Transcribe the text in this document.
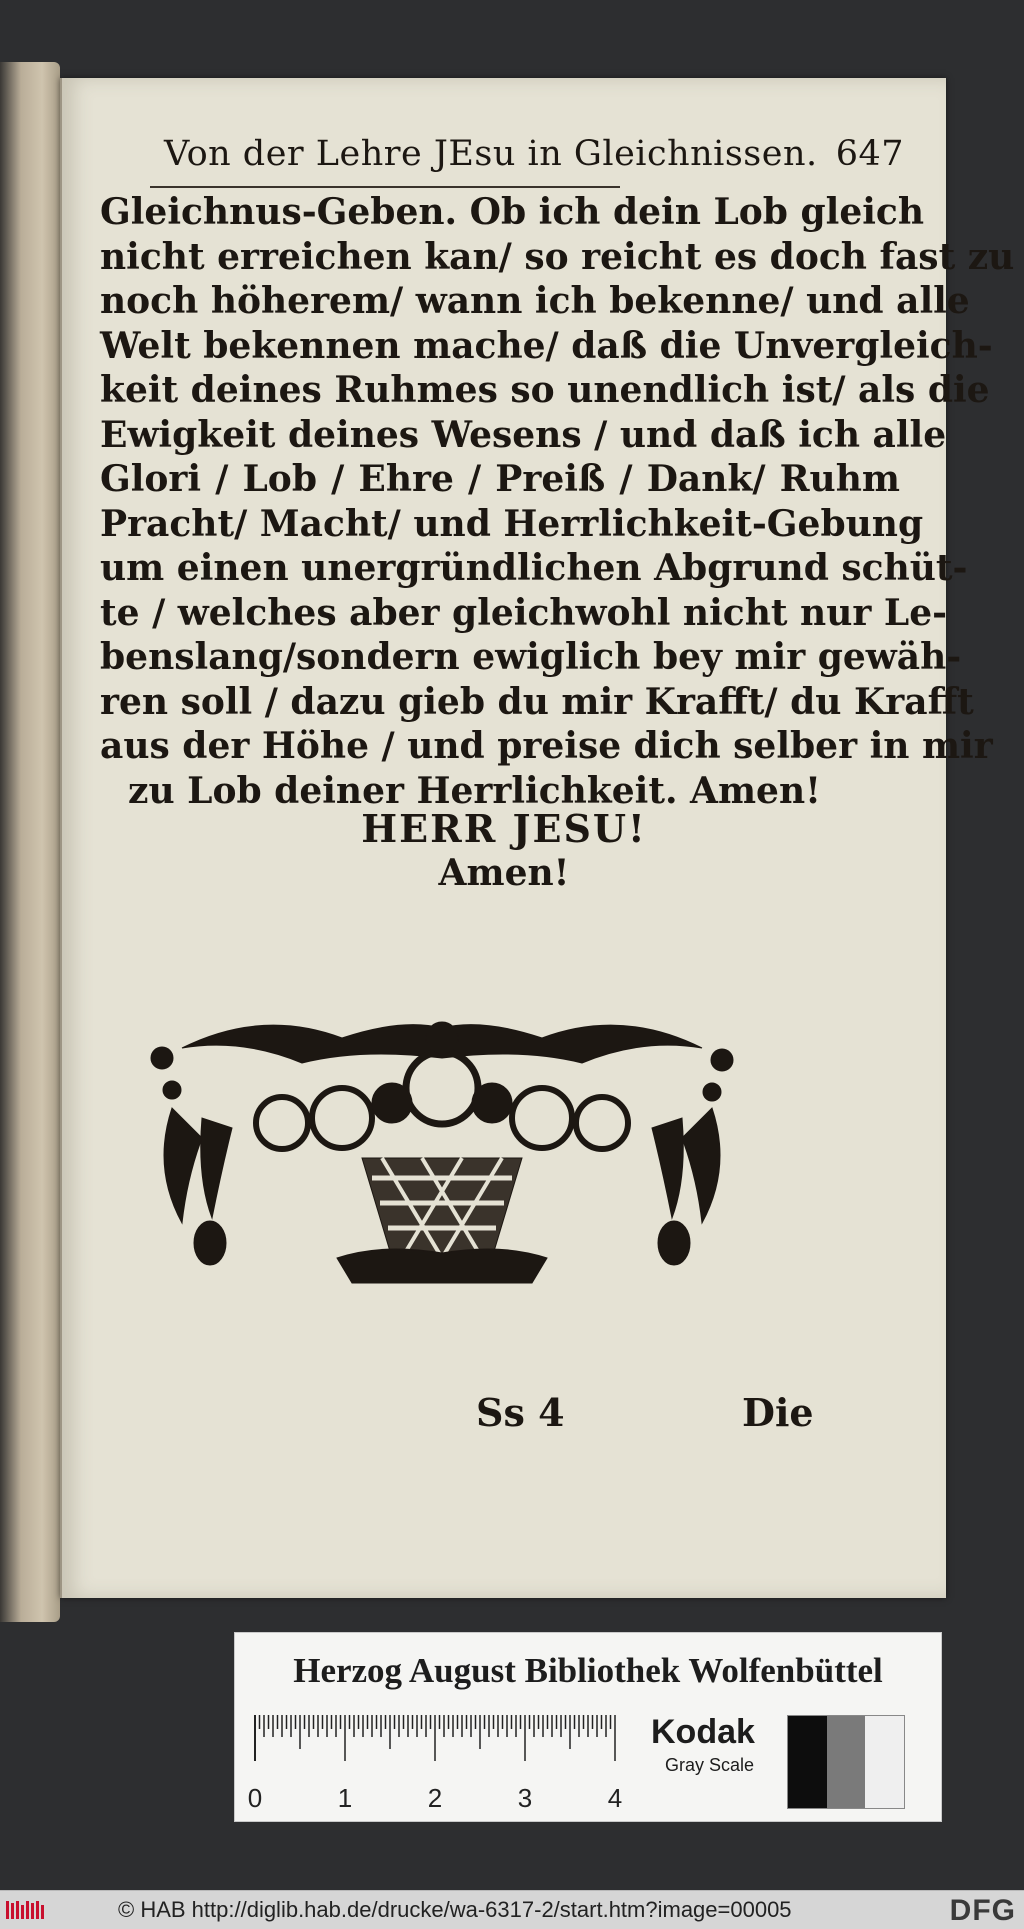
Von der Lehre JEsu in Gleichnissen. 647
Gleichnus-Geben. Ob ich dein Lob gleich
nicht erreichen kan/ so reicht es doch fast zu
noch höherem/ wann ich bekenne/ und alle
Welt bekennen mache/ daß die Unvergleich-
keit deines Ruhmes so unendlich ist/ als die
Ewigkeit deines Wesens / und daß ich alle
Glori / Lob / Ehre / Preiß / Dank/ Ruhm
Pracht/ Macht/ und Herrlichkeit-Gebung
um einen unergründlichen Abgrund schüt-
te / welches aber gleichwohl nicht nur Le-
benslang/sondern ewiglich bey mir gewäh-
ren soll / dazu gieb du mir Krafft/ du Krafft
aus der Höhe / und preise dich selber in mir
zu Lob deiner Herrlichkeit. Amen!
HERR JESU!
Amen!
Ss 4	Die
Herzog August Bibliothek Wolfenbüttel
0	1	2	3	4
Kodak
Gray Scale
© HAB http://diglib.hab.de/drucke/wa-6317-2/start.htm?image=00005	DFG
